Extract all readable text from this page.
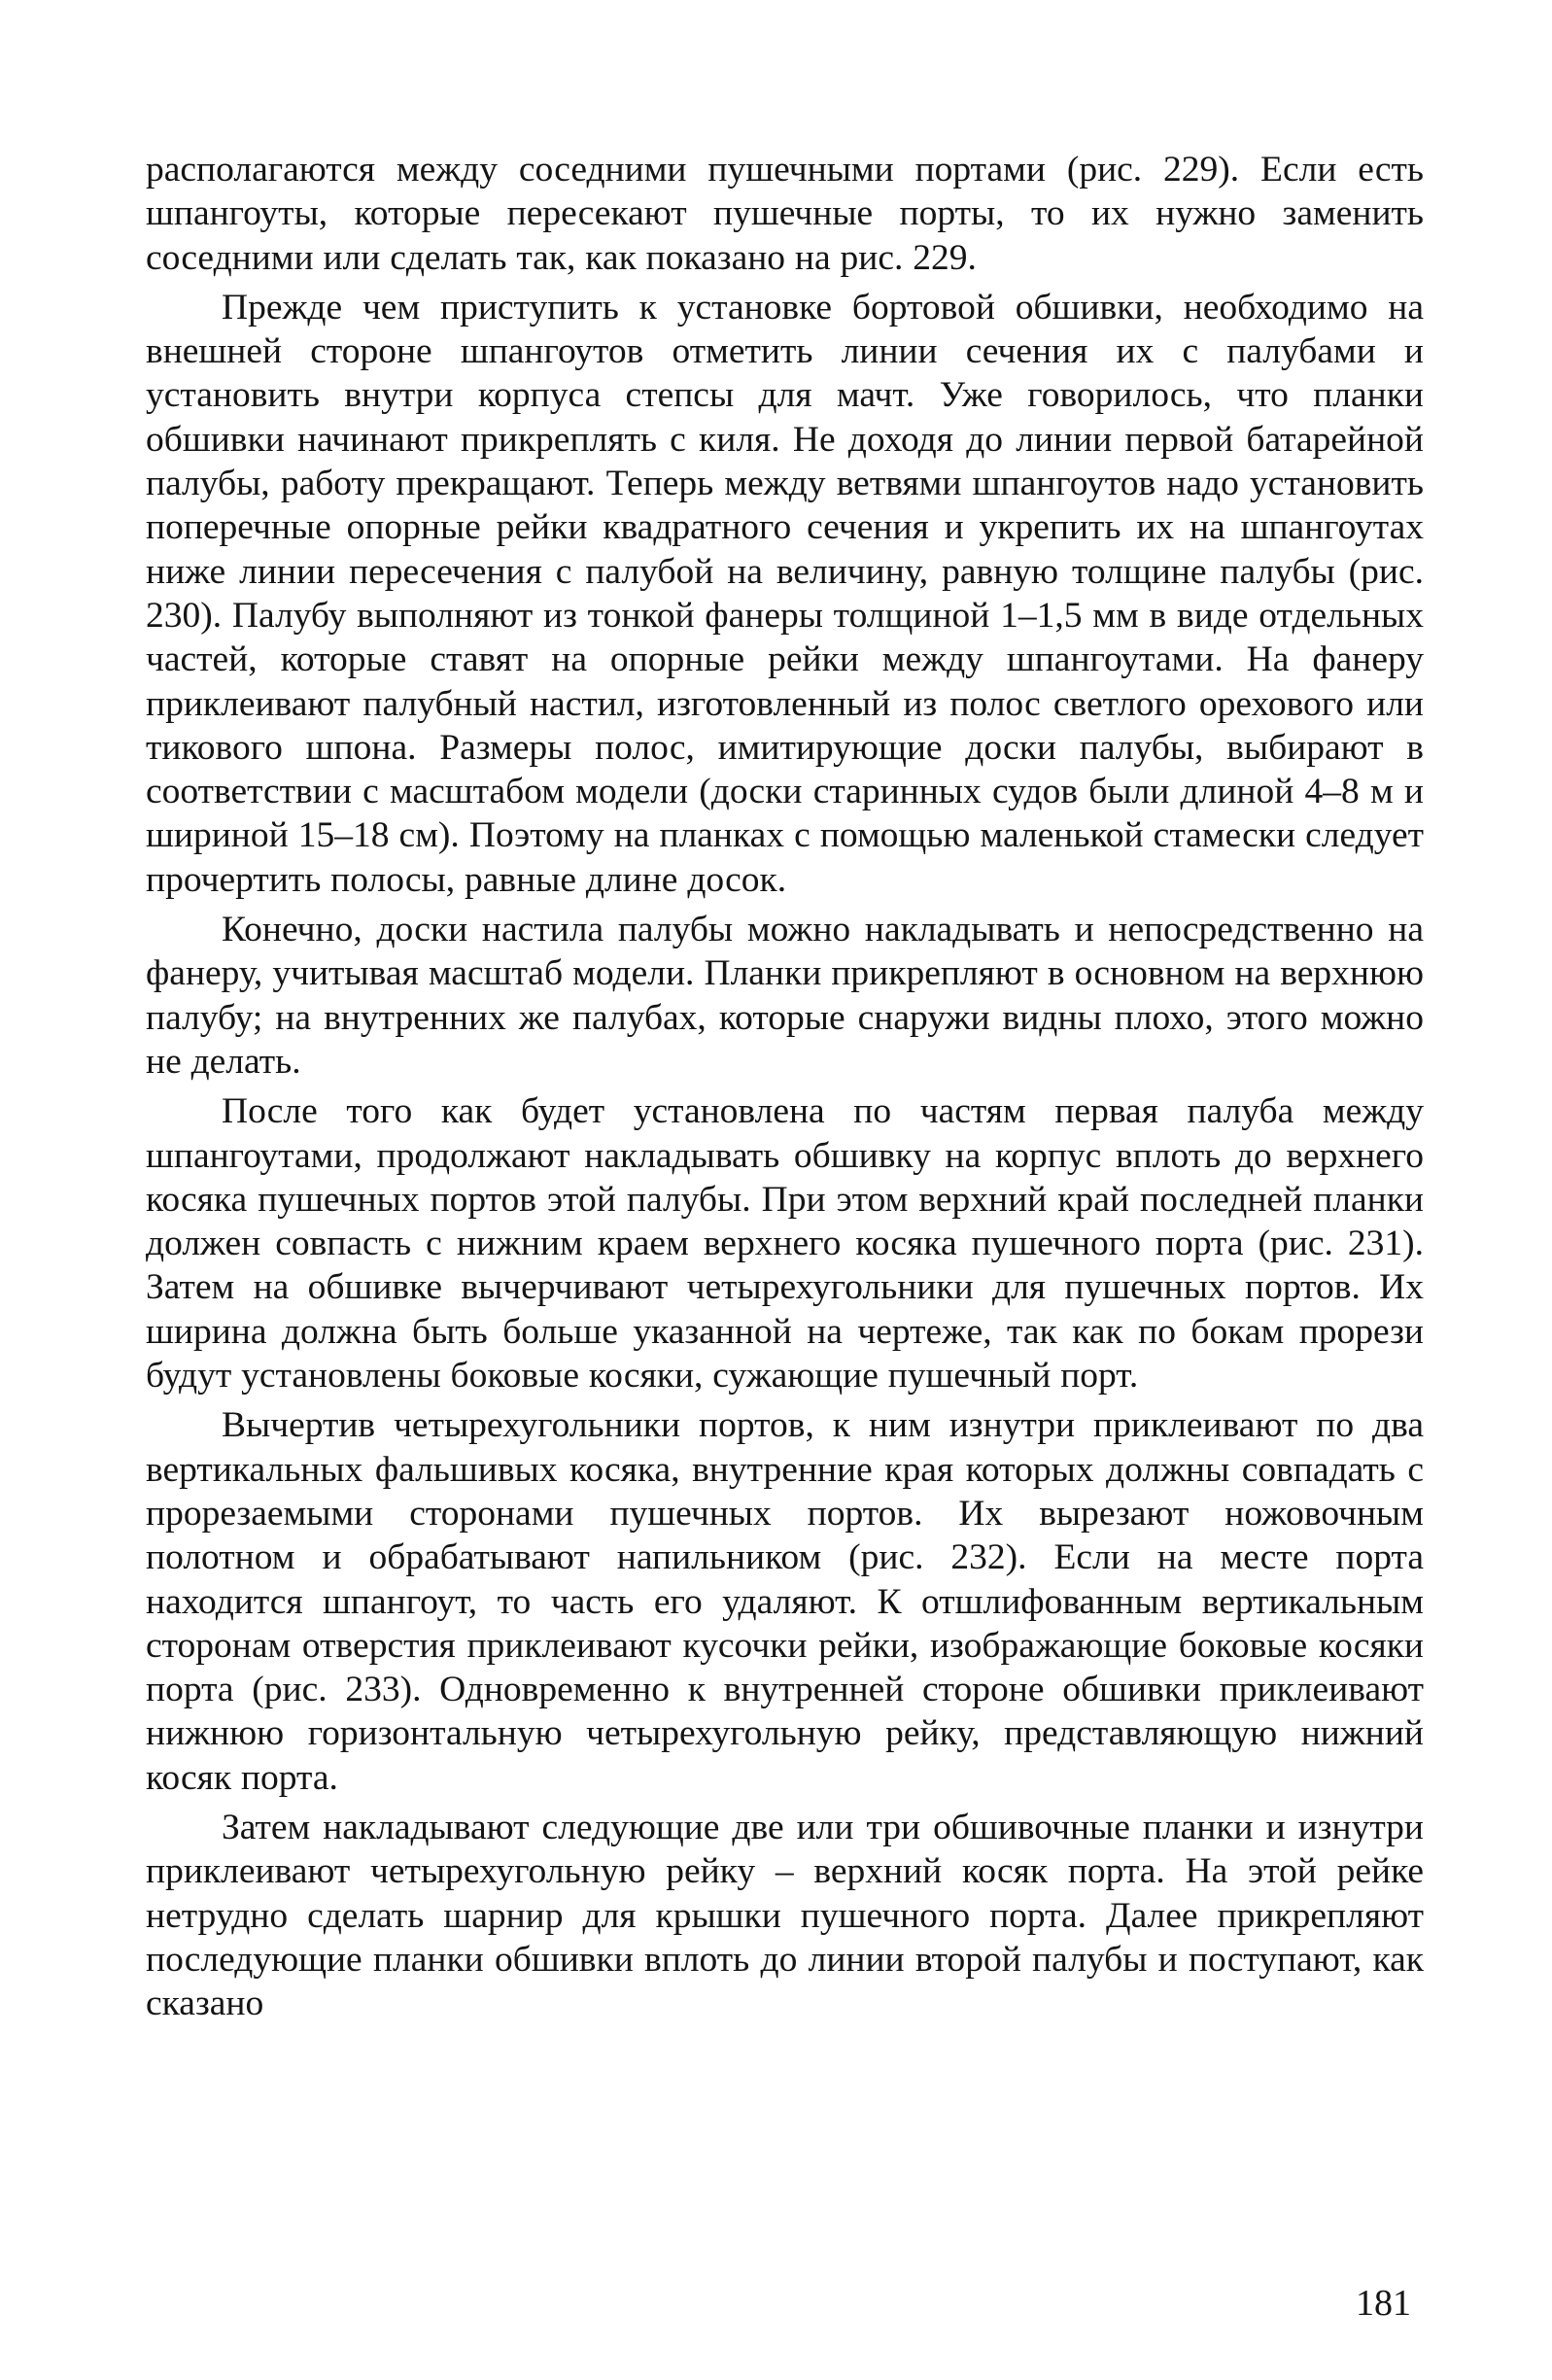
располагаются между соседними пушечными портами (рис. 229). Если есть шпангоуты, которые пересекают пушечные порты, то их нужно заменить соседними или сделать так, как показано на рис. 229.

Прежде чем приступить к установке бортовой обшивки, необходимо на внешней стороне шпангоутов отметить линии сечения их с палубами и установить внутри корпуса степсы для мачт. Уже говорилось, что планки обшивки начинают прикреплять с киля. Не доходя до линии первой батарейной палубы, работу прекращают. Теперь между ветвями шпангоутов надо установить поперечные опорные рейки квадратного сечения и укрепить их на шпангоутах ниже линии пересечения с палубой на величину, равную толщине палубы (рис. 230). Палубу выполняют из тонкой фанеры толщиной 1–1,5 мм в виде отдельных частей, которые ставят на опорные рейки между шпангоутами. На фанеру приклеивают палубный настил, изготовленный из полос светлого орехового или тикового шпона. Размеры полос, имитирующие доски палубы, выбирают в соответствии с масштабом модели (доски старинных судов были длиной 4–8 м и шириной 15–18 см). Поэтому на планках с помощью маленькой стамески следует прочертить полосы, равные длине досок.

Конечно, доски настила палубы можно накладывать и непосредственно на фанеру, учитывая масштаб модели. Планки прикрепляют в основном на верхнюю палубу; на внутренних же палубах, которые снаружи видны плохо, этого можно не делать.

После того как будет установлена по частям первая палуба между шпангоутами, продолжают накладывать обшивку на корпус вплоть до верхнего косяка пушечных портов этой палубы. При этом верхний край последней планки должен совпасть с нижним краем верхнего косяка пушечного порта (рис. 231). Затем на обшивке вычерчивают четырехугольники для пушечных портов. Их ширина должна быть больше указанной на чертеже, так как по бокам прорези будут установлены боковые косяки, сужающие пушечный порт.

Вычертив четырехугольники портов, к ним изнутри приклеивают по два вертикальных фальшивых косяка, внутренние края которых должны совпадать с прорезаемыми сторонами пушечных портов. Их вырезают ножовочным полотном и обрабатывают напильником (рис. 232). Если на месте порта находится шпангоут, то часть его удаляют. К отшлифованным вертикальным сторонам отверстия приклеивают кусочки рейки, изображающие боковые косяки порта (рис. 233). Одновременно к внутренней стороне обшивки приклеивают нижнюю горизонтальную четырехугольную рейку, представляющую нижний косяк порта.

Затем накладывают следующие две или три обшивочные планки и изнутри приклеивают четырехугольную рейку – верхний косяк порта. На этой рейке нетрудно сделать шарнир для крышки пушечного порта. Далее прикрепляют последующие планки обшивки вплоть до линии второй палубы и поступают, как сказано

181
